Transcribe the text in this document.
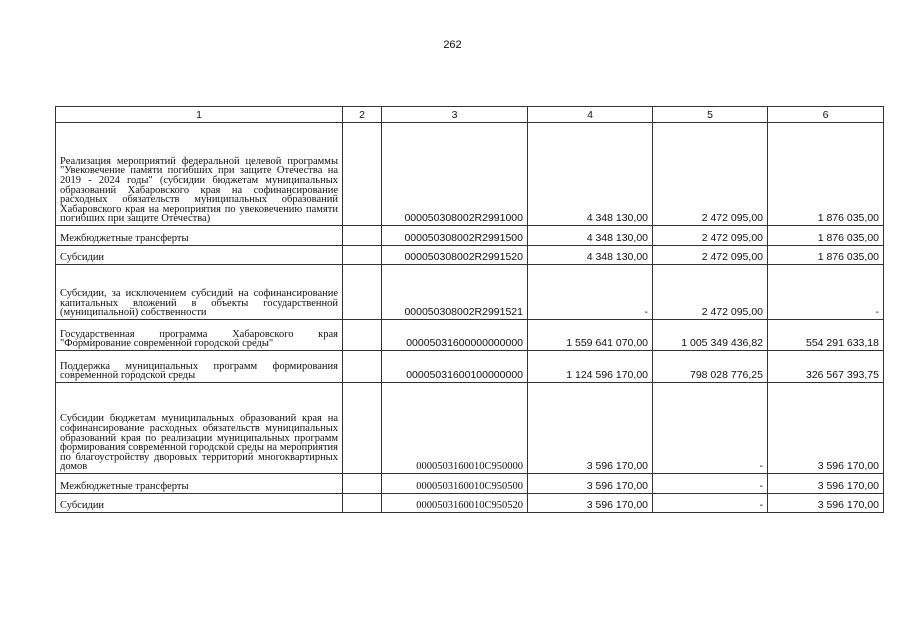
262
1	2	3	4	5	6
Реализация мероприятий федеральной целевой программы "Увековечение памяти погибших при защите Отечества на 2019 - 2024 годы" (субсидии бюджетам муниципальных образований Хабаровского края на софинансирование расходных обязательств муниципальных образований Хабаровского края на мероприятия по увековечению памяти погибших при защите Отечества)		000050308002R2991000	4 348 130,00	2 472 095,00	1 876 035,00
Межбюджетные трансферты		000050308002R2991500	4 348 130,00	2 472 095,00	1 876 035,00
Субсидии		000050308002R2991520	4 348 130,00	2 472 095,00	1 876 035,00
Субсидии, за исключением субсидий на софинансирование капитальных вложений в объекты государственной (муниципальной) собственности		000050308002R2991521	-	2 472 095,00	-
Государственная программа Хабаровского края "Формирование современной городской среды"		00005031600000000000	1 559 641 070,00	1 005 349 436,82	554 291 633,18
Поддержка муниципальных программ формирования современной городской среды		00005031600100000000	1 124 596 170,00	798 028 776,25	326 567 393,75
Субсидии бюджетам муниципальных образований края на софинансирование расходных обязательств муниципальных образований края по реализации муниципальных программ формирования современной городской среды на мероприятия по благоустройству дворовых территорий многоквартирных домов		0000503160010С950000	3 596 170,00	-	3 596 170,00
Межбюджетные трансферты		0000503160010С950500	3 596 170,00	-	3 596 170,00
Субсидии		0000503160010С950520	3 596 170,00	-	3 596 170,00
